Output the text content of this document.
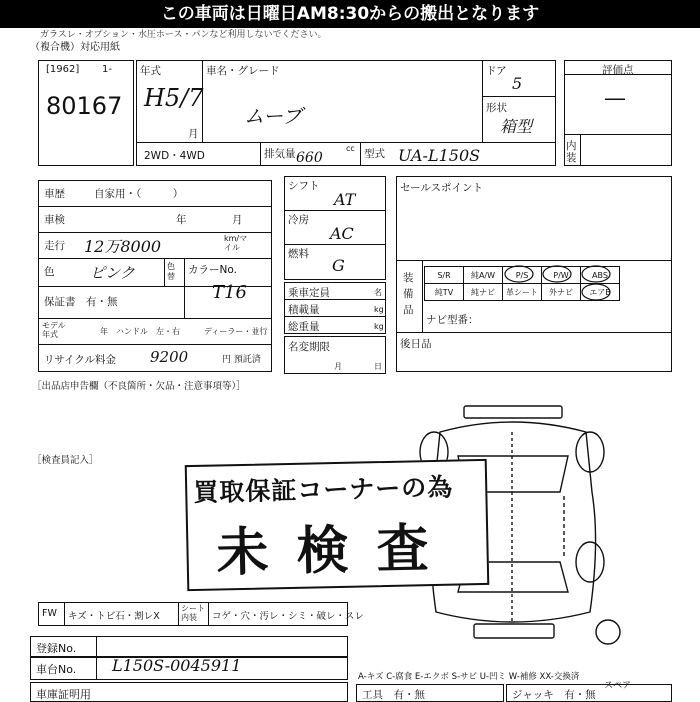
この車両は日曜日AM8:30からの搬出となります
ガラスレ・オプション・水圧ホース・パンなど利用しないでください。
（複合機）対応用紙
[1962] 1-
80167
年式
H5/7
月
車名・グレード
ムーブ
ドア
5
形状
箱型
2WD・4WD	排気量 660
cc 型式 UA-L150S
評価点
—
内装
車歴	自家用・（　　　）
車検	年	月
走行 12万8000	km/マイル
色 ピンク	色替
カラーNo.
T16
保証書　有・無
モデル年式	年 ハンドル　左・右	ディーラー・並行
リサイクル料金 9200	円 預託済
［出品店申告欄（不良箇所・欠品・注意事項等）］
シフト
AT
冷房
AC
燃料
G
乗車定員	名
積載量	kg
総重量	kg
名変期限
月	日
セールスポイント
装備品
S/R	純A/W	P/S	P/W	ABS
純TV	純ナビ	革シート	外ナビ	エアB
ナビ型番：
後日品
［検査員記入］
スペア
買取保証コーナーの為
未検査
FW キズ・トビ石・割レX
シート内装	コゲ・穴・汚レ・シミ・破レ・スレ
登録No.
車台No. L150S-0045911
車庫証明用
A-キズ C-腐食 E-エクボ S-サビ U-凹ミ W-補修 XX-交換済
工具　有・無	ジャッキ　有・無
